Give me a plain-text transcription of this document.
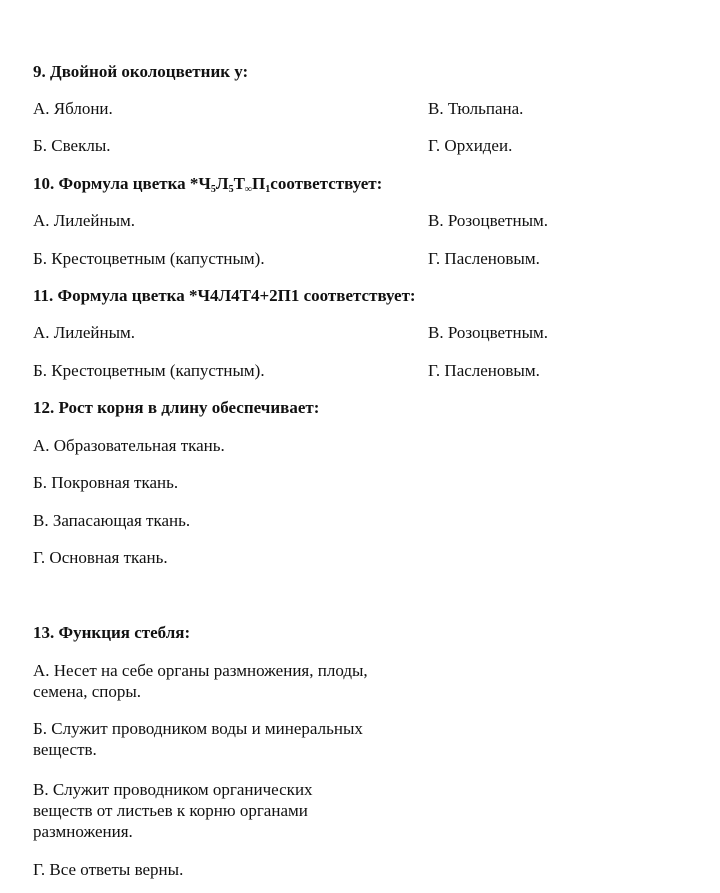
9. Двойной околоцветник у:
А. Яблони.	В. Тюльпана.
Б. Свеклы.	Г. Орхидеи.
10. Формула цветка $*Ч_5Л_5Т_\infty П_1соответствует$:
А. Лилейным.	В. Розоцветным.
Б. Крестоцветным (капустным).	Г. Пасленовым.
11. Формула цветка *Ч4Л4Т4+2П1 соответствует:
А. Лилейным.	В. Розоцветным.
Б. Крестоцветным (капустным).	Г. Пасленовым.
12. Рост корня в длину обеспечивает:
А. Образовательная ткань.
Б. Покровная ткань.
В. Запасающая ткань.
Г. Основная ткань.
13. Функция стебля:
А. Несет на себе органы размножения, плоды, семена, споры.
Б. Служит проводником воды и минеральных веществ.
В. Служит проводником органических веществ от листьев к корню органами размножения.
Г. Все ответы верны.
